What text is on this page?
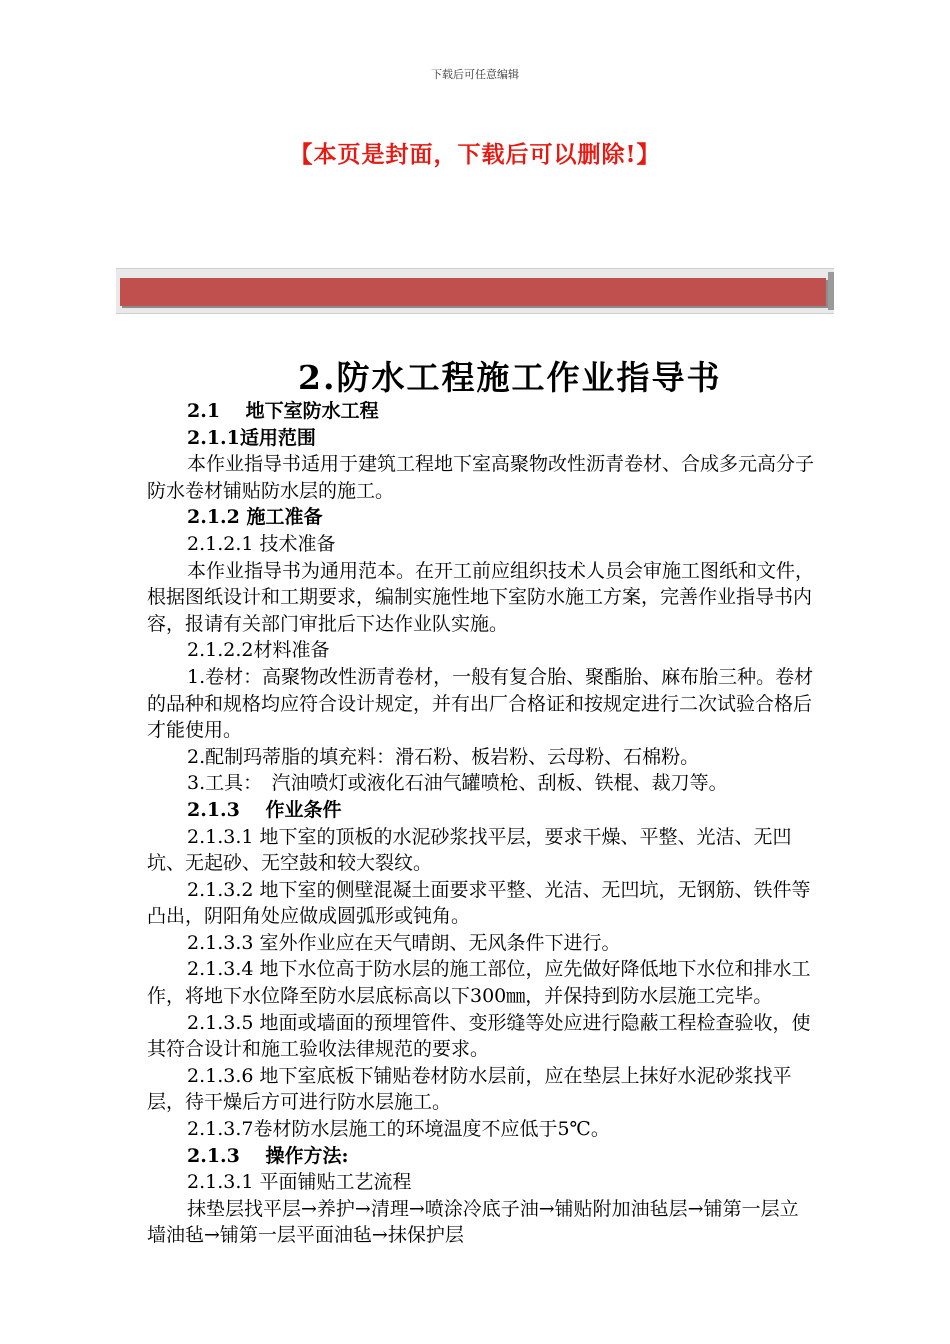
下载后可任意编辑
【本页是封面，下载后可以删除!】
2.防水工程施工作业指导书

2.1　 地下室防水工程

2.1.1适用范围

本作业指导书适用于建筑工程地下室高聚物改性沥青卷材、合成多元高分子防水卷材铺贴防水层的施工。

2.1.2 施工准备

2.1.2.1 技术准备

本作业指导书为通用范本。在开工前应组织技术人员会审施工图纸和文件，根据图纸设计和工期要求，编制实施性地下室防水施工方案，完善作业指导书内容，报请有关部门审批后下达作业队实施。

2.1.2.2材料准备

1.卷材：高聚物改性沥青卷材，一般有复合胎、聚酯胎、麻布胎三种。卷材的品种和规格均应符合设计规定，并有出厂合格证和按规定进行二次试验合格后才能使用。

2.配制玛蒂脂的填充料：滑石粉、板岩粉、云母粉、石棉粉。

3.工具：　汽油喷灯或液化石油气罐喷枪、刮板、铁棍、裁刀等。

2.1.3　 作业条件

2.1.3.1 地下室的顶板的水泥砂浆找平层，要求干燥、平整、光洁、无凹坑、无起砂、无空鼓和较大裂纹。

2.1.3.2 地下室的侧壁混凝土面要求平整、光洁、无凹坑，无钢筋、铁件等凸出，阴阳角处应做成圆弧形或钝角。

2.1.3.3 室外作业应在天气晴朗、无风条件下进行。

2.1.3.4 地下水位高于防水层的施工部位，应先做好降低地下水位和排水工作，将地下水位降至防水层底标高以下300㎜，并保持到防水层施工完毕。

2.1.3.5 地面或墙面的预埋管件、变形缝等处应进行隐蔽工程检查验收，使其符合设计和施工验收法律规范的要求。

2.1.3.6 地下室底板下铺贴卷材防水层前，应在垫层上抹好水泥砂浆找平层，待干燥后方可进行防水层施工。

2.1.3.7卷材防水层施工的环境温度不应低于5℃。

2.1.3　 操作方法:

2.1.3.1 平面铺贴工艺流程

抹垫层找平层→养护→清理→喷涂冷底子油→铺贴附加油毡层→铺第一层立墙油毡→铺第一层平面油毡→抹保护层
